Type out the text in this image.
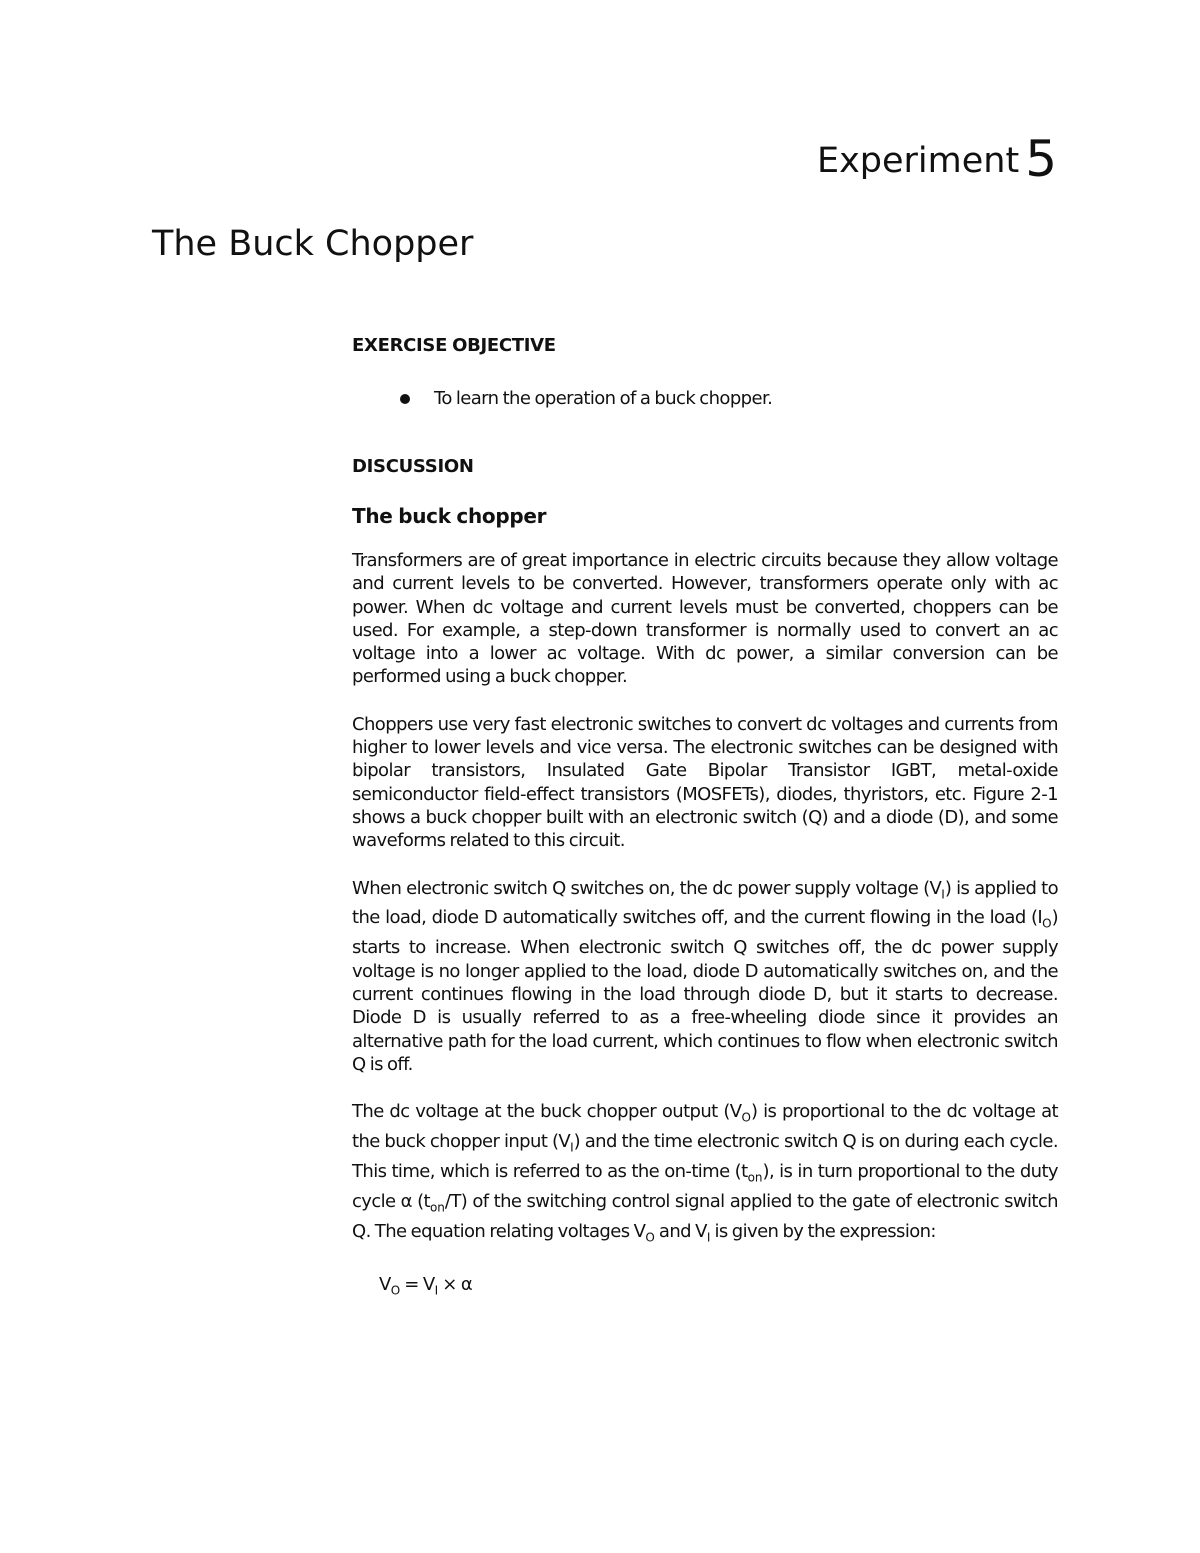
Experiment 5
The Buck Chopper
EXERCISE OBJECTIVE
To learn the operation of a buck chopper.
DISCUSSION
The buck chopper

Transformers are of great importance in electric circuits because they allow voltage and current levels to be converted. However, transformers operate only with ac power. When dc voltage and current levels must be converted, choppers can be used. For example, a step-down transformer is normally used to convert an ac voltage into a lower ac voltage. With dc power, a similar conversion can be performed using a buck chopper.

Choppers use very fast electronic switches to convert dc voltages and currents from higher to lower levels and vice versa. The electronic switches can be designed with bipolar transistors, Insulated Gate Bipolar Transistor IGBT, metal-oxide semiconductor field-effect transistors (MOSFETs), diodes, thyristors, etc. Figure 2-1 shows a buck chopper built with an electronic switch (Q) and a diode (D), and some waveforms related to this circuit.

When electronic switch Q switches on, the dc power supply voltage $(V_I)$ is applied to the load, diode D automatically switches off, and the current flowing in the load $(I_O)$ starts to increase. When electronic switch Q switches off, the dc power supply voltage is no longer applied to the load, diode D automatically switches on, and the current continues flowing in the load through diode D, but it starts to decrease. Diode D is usually referred to as a free-wheeling diode since it provides an alternative path for the load current, which continues to flow when electronic switch Q is off.

The dc voltage at the buck chopper output $(V_O)$ is proportional to the dc voltage at the buck chopper input $(V_I)$ and the time electronic switch Q is on during each cycle. This time, which is referred to as the on-time $(t_{on})$, is in turn proportional to the duty cycle α $(t_{on}/T)$ of the switching control signal applied to the gate of electronic switch Q. The equation relating voltages $V_O$ and $V_I$ is given by the expression:

$V_O = V_I \times \alpha$
